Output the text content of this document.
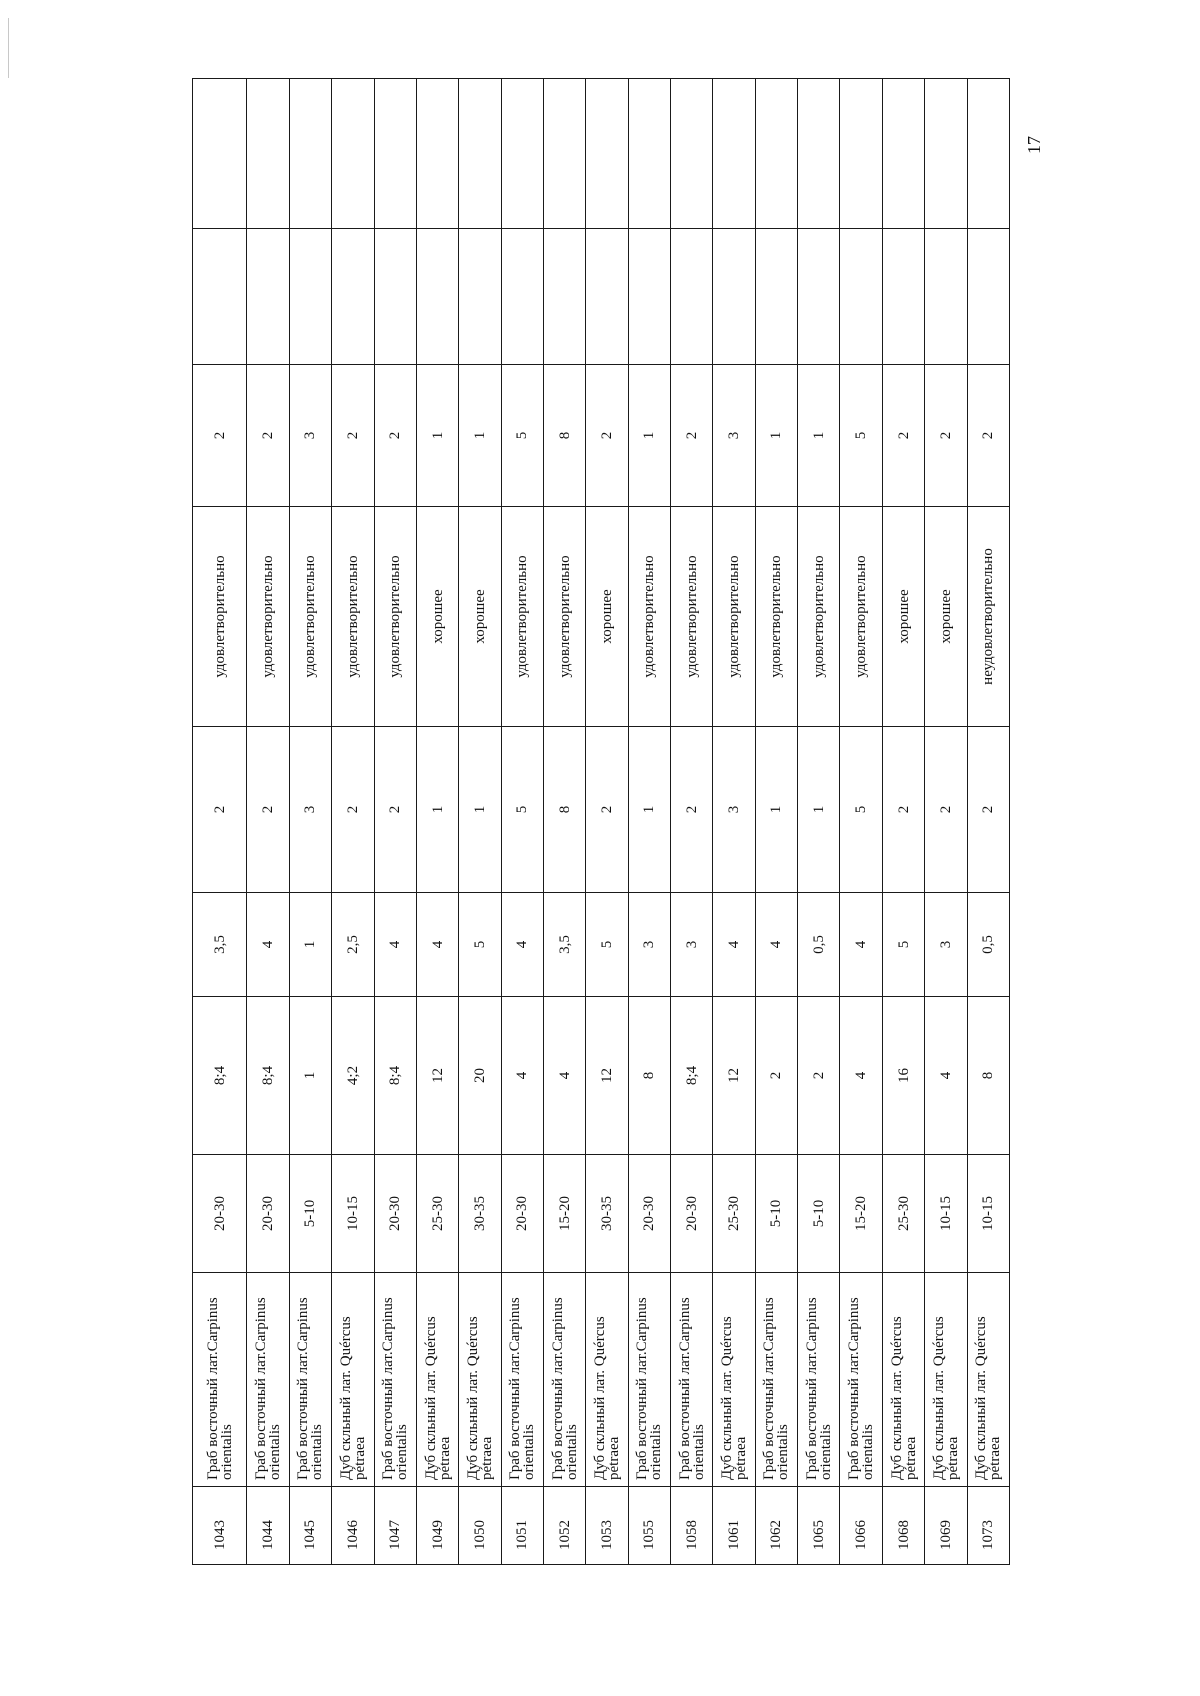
1043	Граб восточный лат.Carpinus orientalis	20-30	8;4	3,5	2	удовлетворительно	2		
1044	Граб восточный лат.Carpinus orientalis	20-30	8;4	4	2	удовлетворительно	2		
1045	Граб восточный лат.Carpinus orientalis	5-10	1	1	3	удовлетворительно	3		
1046	Дуб скльный лат. Quércus pétraea	10-15	4;2	2,5	2	удовлетворительно	2		
1047	Граб восточный лат.Carpinus orientalis	20-30	8;4	4	2	удовлетворительно	2		
1049	Дуб скльный лат. Quércus pétraea	25-30	12	4	1	хорошее	1		
1050	Дуб скльный лат. Quércus pétraea	30-35	20	5	1	хорошее	1		
1051	Граб восточный лат.Carpinus orientalis	20-30	4	4	5	удовлетворительно	5		
1052	Граб восточный лат.Carpinus orientalis	15-20	4	3,5	8	удовлетворительно	8		
1053	Дуб скльный лат. Quércus pétraea	30-35	12	5	2	хорошее	2		
1055	Граб восточный лат.Carpinus orientalis	20-30	8	3	1	удовлетворительно	1		
1058	Граб восточный лат.Carpinus orientalis	20-30	8;4	3	2	удовлетворительно	2		
1061	Дуб скльный лат. Quércus pétraea	25-30	12	4	3	удовлетворительно	3		
1062	Граб восточный лат.Carpinus orientalis	5-10	2	4	1	удовлетворительно	1		
1065	Граб восточный лат.Carpinus orientalis	5-10	2	0,5	1	удовлетворительно	1		
1066	Граб восточный лат.Carpinus orientalis	15-20	4	4	5	удовлетворительно	5		
1068	Дуб скльный лат. Quércus pétraea	25-30	16	5	2	хорошее	2		
1069	Дуб скльный лат. Quércus pétraea	10-15	4	3	2	хорошее	2		
1073	Дуб скльный лат. Quércus pétraea	10-15	8	0,5	2	неудовлетворительно	2		
17
